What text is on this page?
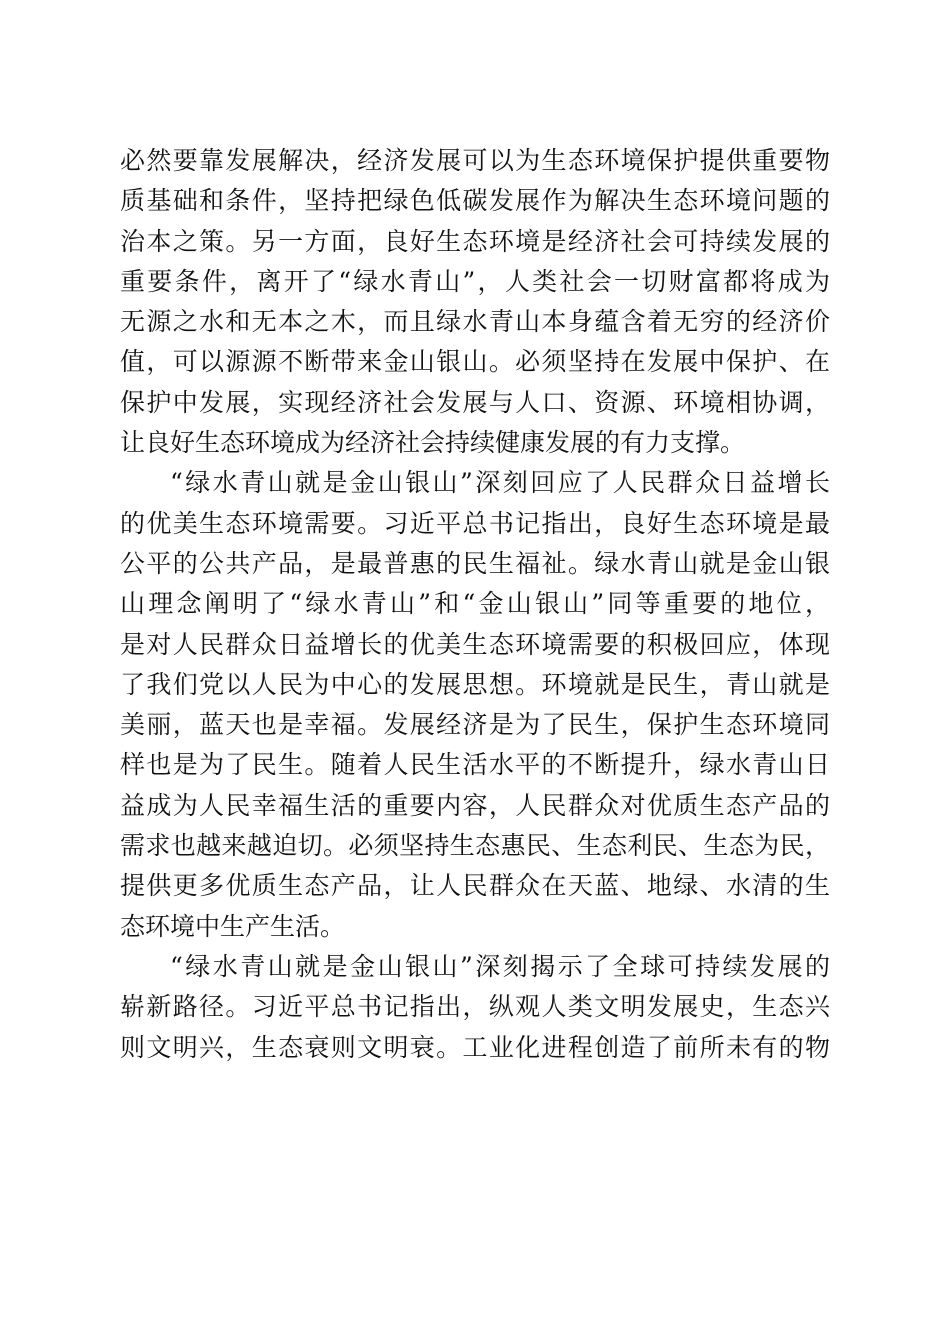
必然要靠发展解决，经济发展可以为生态环境保护提供重要物
质基础和条件，坚持把绿色低碳发展作为解决生态环境问题的
治本之策。另一方面，良好生态环境是经济社会可持续发展的
重要条件，离开了“绿水青山”，人类社会一切财富都将成为
无源之水和无本之木，而且绿水青山本身蕴含着无穷的经济价
值，可以源源不断带来金山银山。必须坚持在发展中保护、在
保护中发展，实现经济社会发展与人口、资源、环境相协调，
让良好生态环境成为经济社会持续健康发展的有力支撑。
“绿水青山就是金山银山”深刻回应了人民群众日益增长
的优美生态环境需要。习近平总书记指出，良好生态环境是最
公平的公共产品，是最普惠的民生福祉。绿水青山就是金山银
山理念阐明了“绿水青山”和“金山银山”同等重要的地位，
是对人民群众日益增长的优美生态环境需要的积极回应，体现
了我们党以人民为中心的发展思想。环境就是民生，青山就是
美丽，蓝天也是幸福。发展经济是为了民生，保护生态环境同
样也是为了民生。随着人民生活水平的不断提升，绿水青山日
益成为人民幸福生活的重要内容，人民群众对优质生态产品的
需求也越来越迫切。必须坚持生态惠民、生态利民、生态为民，
提供更多优质生态产品，让人民群众在天蓝、地绿、水清的生
态环境中生产生活。
“绿水青山就是金山银山”深刻揭示了全球可持续发展的
崭新路径。习近平总书记指出，纵观人类文明发展史，生态兴
则文明兴，生态衰则文明衰。工业化进程创造了前所未有的物
